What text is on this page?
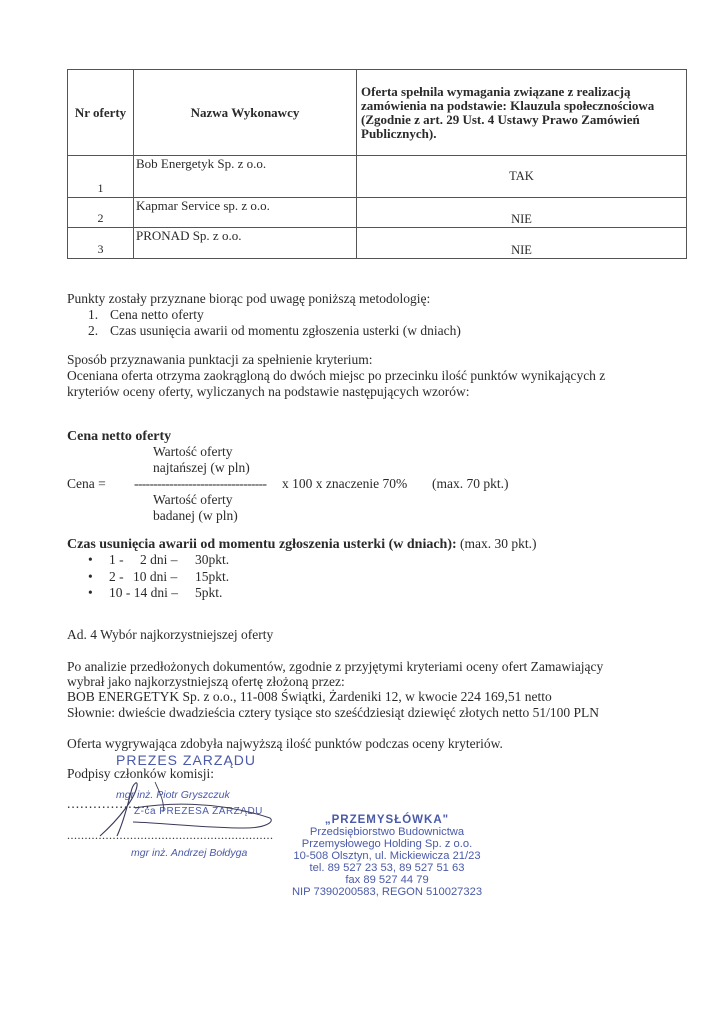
Nr oferty	Nazwa Wykonawcy	Oferta spełnila wymagania związane z realizacją zamówienia na podstawie: Klauzula społecznościowa (Zgodnie z art. 29 Ust. 4 Ustawy Prawo Zamówień Publicznych).
1	Bob Energetyk Sp. z o.o.	TAK
2	Kapmar Service sp. z o.o.	NIE
3	PRONAD Sp. z o.o.	NIE
Punkty zostały przyznane biorąc pod uwagę poniższą metodologię:
1. Cena netto oferty
2. Czas usunięcia awarii od momentu zgłoszenia usterki (w dniach)
Sposób przyznawania punktacji za spełnienie kryterium:
Oceniana oferta otrzyma zaokrągloną do dwóch miejsc po przecinku ilość punktów wynikających z
kryteriów oceny oferty, wyliczanych na podstawie następujących wzorów:
Cena netto oferty
Wartość oferty
najtańszej (w pln)
Cena = ---------------------------------- x 100 x znaczenie 70% (max. 70 pkt.)
Wartość oferty
badanej (w pln)
Czas usunięcia awarii od momentu zgłoszenia usterki (w dniach): (max. 30 pkt.)
• 1 - 2 dni – 30pkt.
• 2 - 10 dni – 15pkt.
• 10 - 14 dni – 5pkt.
Ad. 4 Wybór najkorzystniejszej oferty
Po analizie przedłożonych dokumentów, zgodnie z przyjętymi kryteriami oceny ofert Zamawiający
wybrał jako najkorzystniejszą ofertę złożoną przez:
BOB ENERGETYK Sp. z o.o., 11-008 Świątki, Żardeniki 12, w kwocie 224 169,51 netto
Słownie: dwieście dwadzieścia cztery tysiące sto sześćdziesiąt dziewięć złotych netto 51/100 PLN
Oferta wygrywająca zdobyła najwyższą ilość punktów podczas oceny kryteriów.
PREZES ZARZĄDU
Podpisy członków komisji:
...................
mgr inż. Piotr Gryszczuk
Z-ca PREZESA ZARZĄDU
...........................................................
mgr inż. Andrzej Bołdyga
„PRZEMYSŁÓWKA"
Przedsiębiorstwo Budownictwa
Przemysłowego Holding Sp. z o.o.
10-508 Olsztyn, ul. Mickiewicza 21/23
tel. 89 527 23 53, 89 527 51 63
fax 89 527 44 79
NIP 7390200583, REGON 510027323
